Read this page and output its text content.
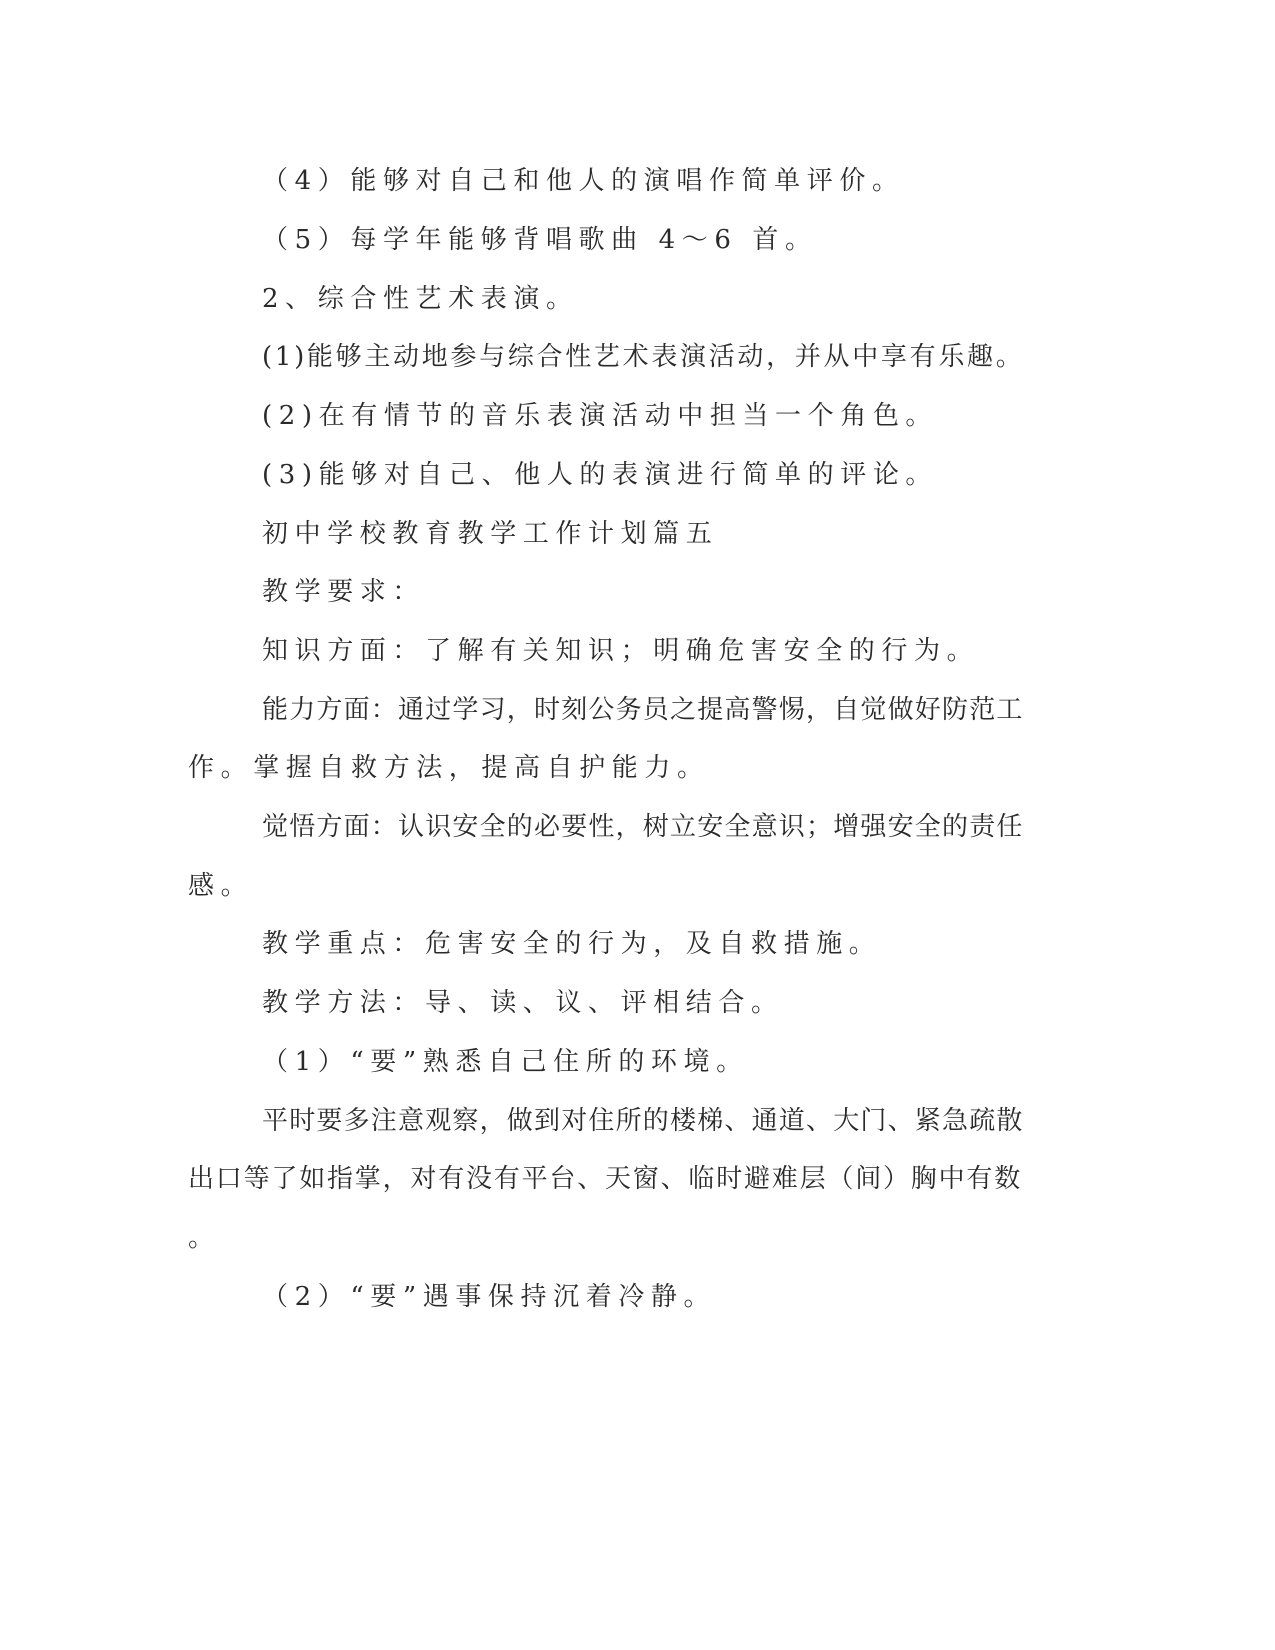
（4）能够对自己和他人的演唱作简单评价。

（5）每学年能够背唱歌曲 4～6 首。

2、综合性艺术表演。

(1)能够主动地参与综合性艺术表演活动，并从中享有乐趣。

(2)在有情节的音乐表演活动中担当一个角色。

(3)能够对自己、他人的表演进行简单的评论。

初中学校教育教学工作计划篇五

教学要求：

知识方面：了解有关知识；明确危害安全的行为。

能力方面：通过学习，时刻公务员之提高警惕，自觉做好防范工

作。掌握自救方法，提高自护能力。

觉悟方面：认识安全的必要性，树立安全意识；增强安全的责任

感。

教学重点：危害安全的行为，及自救措施。

教学方法：导、读、议、评相结合。

（1）“要”熟悉自己住所的环境。

平时要多注意观察，做到对住所的楼梯、通道、大门、紧急疏散

出口等了如指掌，对有没有平台、天窗、临时避难层（间）胸中有数

。

（2）“要”遇事保持沉着冷静。
